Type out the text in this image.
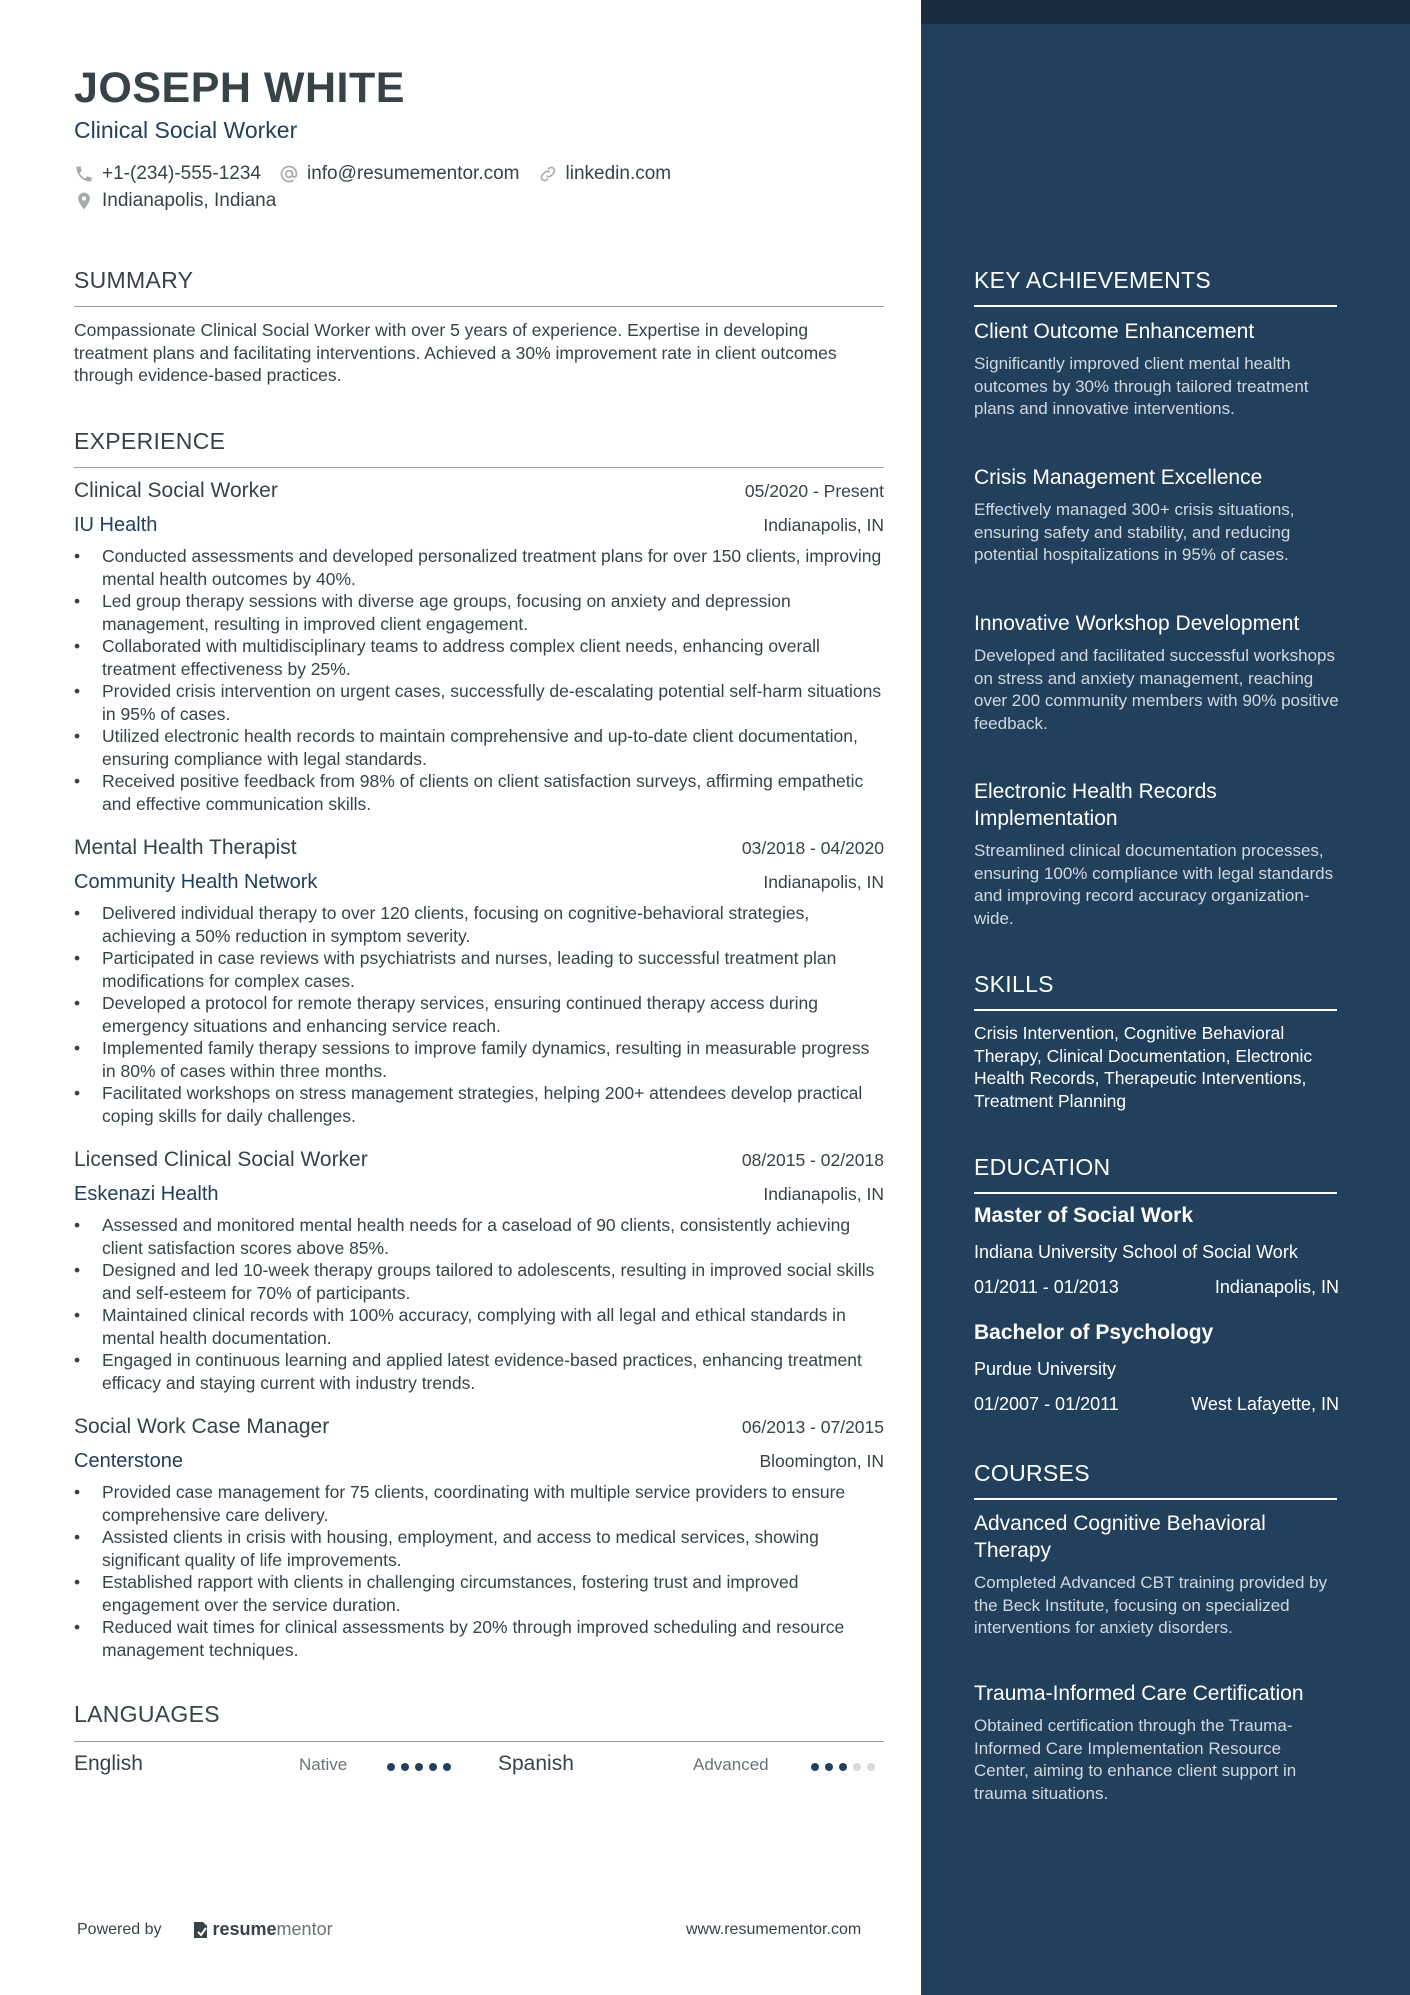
JOSEPH WHITE
Clinical Social Worker
+1-(234)-555-1234 info@resumementor.com linkedin.com
Indianapolis, Indiana
SUMMARY
Compassionate Clinical Social Worker with over 5 years of experience. Expertise in developing treatment plans and facilitating interventions. Achieved a 30% improvement rate in client outcomes through evidence-based practices.
EXPERIENCE
Clinical Social Worker	05/2020 - Present
IU Health	Indianapolis, IN
• Conducted assessments and developed personalized treatment plans for over 150 clients, improving mental health outcomes by 40%.
• Led group therapy sessions with diverse age groups, focusing on anxiety and depression management, resulting in improved client engagement.
• Collaborated with multidisciplinary teams to address complex client needs, enhancing overall treatment effectiveness by 25%.
• Provided crisis intervention on urgent cases, successfully de-escalating potential self-harm situations in 95% of cases.
• Utilized electronic health records to maintain comprehensive and up-to-date client documentation, ensuring compliance with legal standards.
• Received positive feedback from 98% of clients on client satisfaction surveys, affirming empathetic and effective communication skills.
Mental Health Therapist	03/2018 - 04/2020
Community Health Network	Indianapolis, IN
• Delivered individual therapy to over 120 clients, focusing on cognitive-behavioral strategies, achieving a 50% reduction in symptom severity.
• Participated in case reviews with psychiatrists and nurses, leading to successful treatment plan modifications for complex cases.
• Developed a protocol for remote therapy services, ensuring continued therapy access during emergency situations and enhancing service reach.
• Implemented family therapy sessions to improve family dynamics, resulting in measurable progress in 80% of cases within three months.
• Facilitated workshops on stress management strategies, helping 200+ attendees develop practical coping skills for daily challenges.
Licensed Clinical Social Worker	08/2015 - 02/2018
Eskenazi Health	Indianapolis, IN
• Assessed and monitored mental health needs for a caseload of 90 clients, consistently achieving client satisfaction scores above 85%.
• Designed and led 10-week therapy groups tailored to adolescents, resulting in improved social skills and self-esteem for 70% of participants.
• Maintained clinical records with 100% accuracy, complying with all legal and ethical standards in mental health documentation.
• Engaged in continuous learning and applied latest evidence-based practices, enhancing treatment efficacy and staying current with industry trends.
Social Work Case Manager	06/2013 - 07/2015
Centerstone	Bloomington, IN
• Provided case management for 75 clients, coordinating with multiple service providers to ensure comprehensive care delivery.
• Assisted clients in crisis with housing, employment, and access to medical services, showing significant quality of life improvements.
• Established rapport with clients in challenging circumstances, fostering trust and improved engagement over the service duration.
• Reduced wait times for clinical assessments by 20% through improved scheduling and resource management techniques.
LANGUAGES
English	Native	Spanish	Advanced
Powered by	resume mentor	www.resumementor.com
KEY ACHIEVEMENTS
Client Outcome Enhancement
Significantly improved client mental health outcomes by 30% through tailored treatment plans and innovative interventions.
Crisis Management Excellence
Effectively managed 300+ crisis situations, ensuring safety and stability, and reducing potential hospitalizations in 95% of cases.
Innovative Workshop Development
Developed and facilitated successful workshops on stress and anxiety management, reaching over 200 community members with 90% positive feedback.
Electronic Health Records Implementation
Streamlined clinical documentation processes, ensuring 100% compliance with legal standards and improving record accuracy organization-wide.
SKILLS
Crisis Intervention, Cognitive Behavioral Therapy, Clinical Documentation, Electronic Health Records, Therapeutic Interventions, Treatment Planning
EDUCATION
Master of Social Work
Indiana University School of Social Work
01/2011 - 01/2013	Indianapolis, IN
Bachelor of Psychology
Purdue University
01/2007 - 01/2011	West Lafayette, IN
COURSES
Advanced Cognitive Behavioral Therapy
Completed Advanced CBT training provided by the Beck Institute, focusing on specialized interventions for anxiety disorders.
Trauma-Informed Care Certification
Obtained certification through the Trauma-Informed Care Implementation Resource Center, aiming to enhance client support in trauma situations.
